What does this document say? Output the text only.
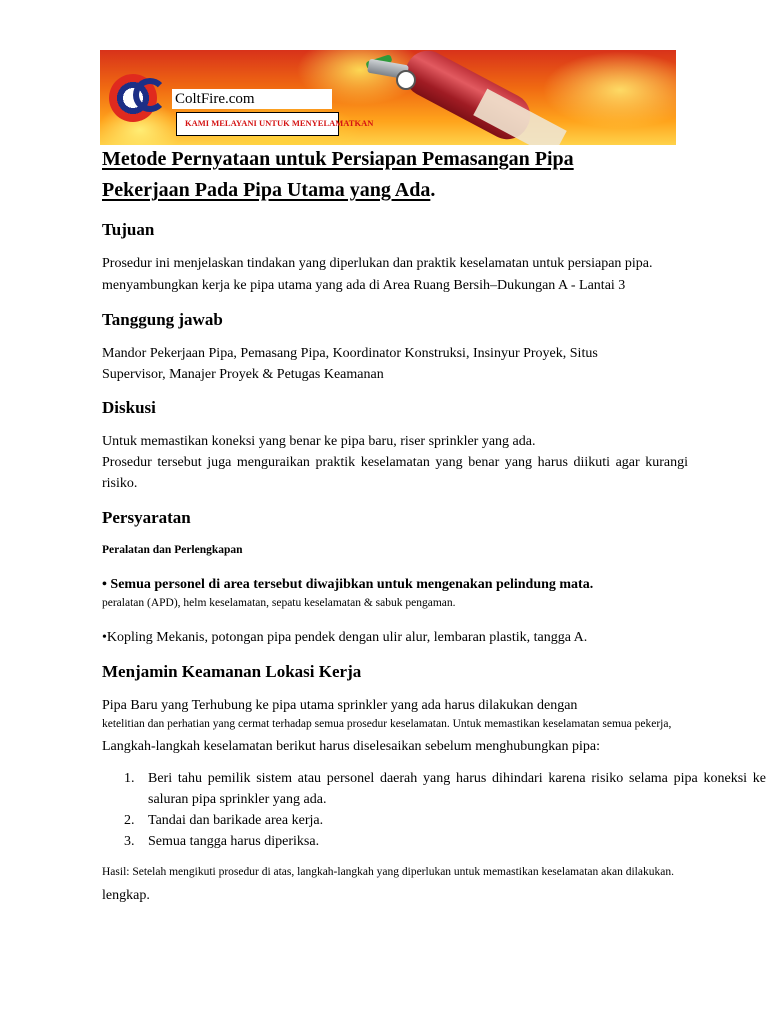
ColtFire.com
KAMI MELAYANI UNTUK MENYELAMATKAN
Metode Pernyataan untuk Persiapan Pemasangan Pipa
Pekerjaan Pada Pipa Utama yang Ada.
Tujuan

Prosedur ini menjelaskan tindakan yang diperlukan dan praktik keselamatan untuk persiapan pipa.

menyambungkan kerja ke pipa utama yang ada di Area Ruang Bersih–Dukungan A - Lantai 3

Tanggung jawab

Mandor Pekerjaan Pipa, Pemasang Pipa, Koordinator Konstruksi, Insinyur Proyek, Situs Supervisor, Manajer Proyek & Petugas Keamanan

Diskusi

Untuk memastikan koneksi yang benar ke pipa baru, riser sprinkler yang ada.

Prosedur tersebut juga menguraikan praktik keselamatan yang benar yang harus diikuti agar kurangi risiko.

Persyaratan

Peralatan dan Perlengkapan

• Semua personel di area tersebut diwajibkan untuk mengenakan pelindung mata.

peralatan (APD), helm keselamatan, sepatu keselamatan & sabuk pengaman.

•Kopling Mekanis, potongan pipa pendek dengan ulir alur, lembaran plastik, tangga A.

Menjamin Keamanan Lokasi Kerja

Pipa Baru yang Terhubung ke pipa utama sprinkler yang ada harus dilakukan dengan

ketelitian dan perhatian yang cermat terhadap semua prosedur keselamatan. Untuk memastikan keselamatan semua pekerja,

Langkah-langkah keselamatan berikut harus diselesaikan sebelum menghubungkan pipa:

1. Beri tahu pemilik sistem atau personel daerah yang harus dihindari karena risiko selama pipa koneksi ke saluran pipa sprinkler yang ada.
2. Tandai dan barikade area kerja.
3. Semua tangga harus diperiksa.

Hasil: Setelah mengikuti prosedur di atas, langkah-langkah yang diperlukan untuk memastikan keselamatan akan dilakukan.

lengkap.
